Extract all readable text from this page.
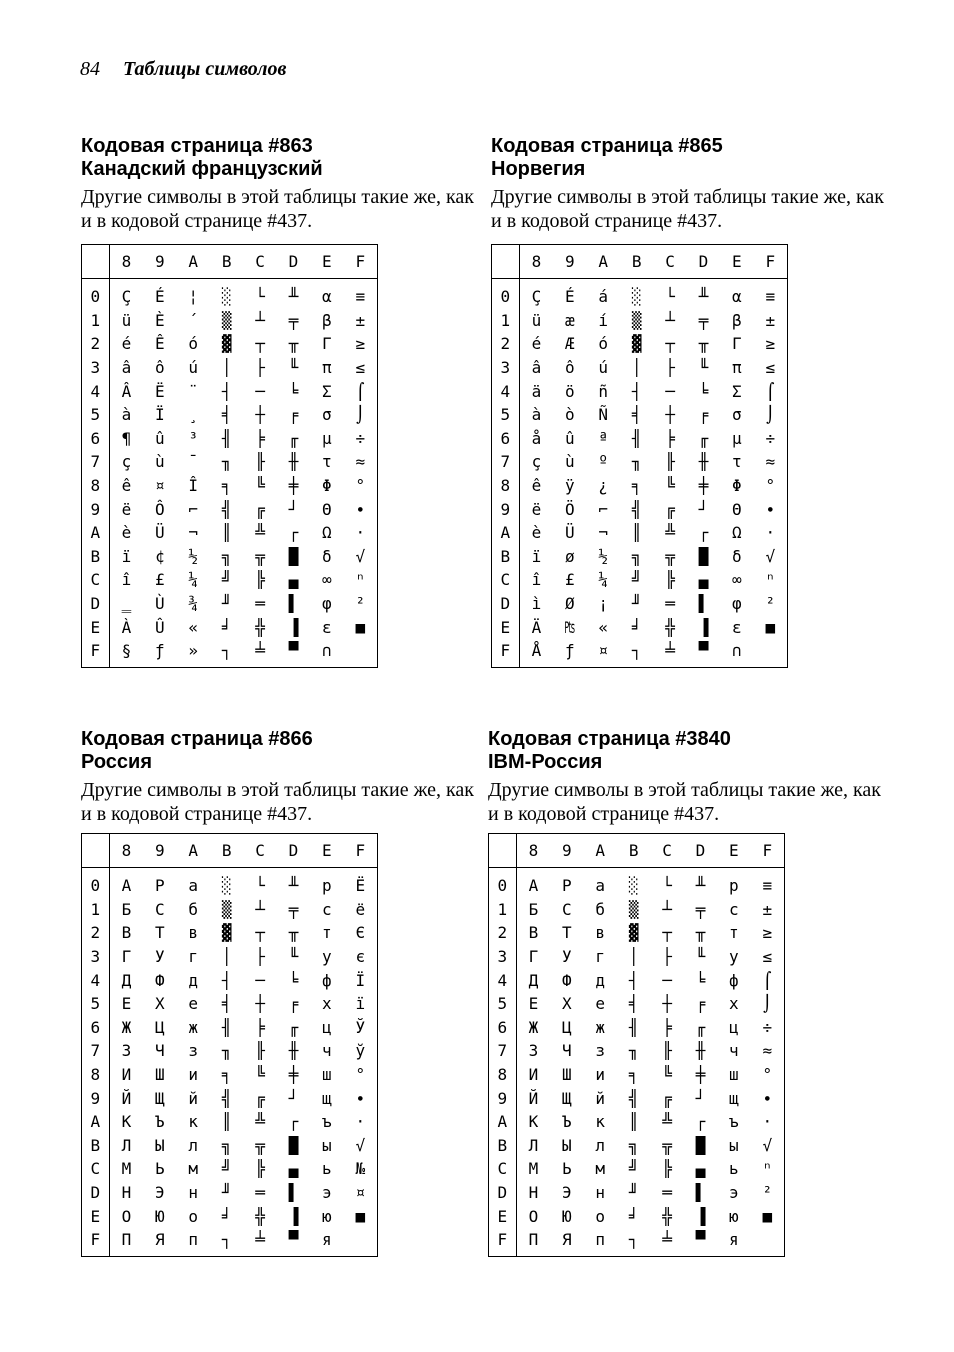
84 Таблицы символов

Кодовая страница #863

Канадский французский

Другие символы в этой таблицы такие же, как и в кодовой странице #437.

	8	9	A	B	C	D	E	F
0	Ç	É	¦	░	└	╨	α	≡
1	ü	È	´	▒	┴	╤	β	±
2	é	Ê	ó	▓	┬	╥	Γ	≥
3	â	ô	ú	│	├	╙	π	≤
4	Â	Ë	¨	┤	─	╘	Σ	⌠
5	à	Ï	¸	╡	┼	╒	σ	⌡
6	¶	û	³	╢	╞	╓	µ	÷
7	ç	ù	¯	╖	╟	╫	τ	≈
8	ê	¤	Î	╕	╚	╪	Φ	°
9	ë	Ô	⌐	╣	╔	┘	Θ	∙
A	è	Ü	¬	║	╩	┌	Ω	·
B	ï	¢	½	╗	╦	█	δ	√
C	î	£	¼	╝	╠	▄	∞	ⁿ
D	‗	Ù	¾	╜	═	▌	φ	²
E	À	Û	«	╛	╬	▐	ε	■
F	§	ƒ	»	┐	╧	▀	∩	

Кодовая страница #865

Норвегия

Другие символы в этой таблицы такие же, как и в кодовой странице #437.

	8	9	A	B	C	D	E	F
0	Ç	É	á	░	└	╨	α	≡
1	ü	æ	í	▒	┴	╤	β	±
2	é	Æ	ó	▓	┬	╥	Γ	≥
3	â	ô	ú	│	├	╙	π	≤
4	ä	ö	ñ	┤	─	╘	Σ	⌠
5	à	ò	Ñ	╡	┼	╒	σ	⌡
6	å	û	ª	╢	╞	╓	µ	÷
7	ç	ù	º	╖	╟	╫	τ	≈
8	ê	ÿ	¿	╕	╚	╪	Φ	°
9	ë	Ö	⌐	╣	╔	┘	Θ	∙
A	è	Ü	¬	║	╩	┌	Ω	·
B	ï	ø	½	╗	╦	█	δ	√
C	î	£	¼	╝	╠	▄	∞	ⁿ
D	ì	Ø	¡	╜	═	▌	φ	²
E	Ä	₧	«	╛	╬	▐	ε	■
F	Å	ƒ	¤	┐	╧	▀	∩	

Кодовая страница #866

Россия

Другие символы в этой таблицы такие же, как и в кодовой странице #437.

	8	9	A	B	C	D	E	F
0	А	Р	а	░	└	╨	р	Ё
1	Б	С	б	▒	┴	╤	с	ё
2	В	Т	в	▓	┬	╥	т	Є
3	Г	У	г	│	├	╙	у	є
4	Д	Ф	д	┤	─	╘	ф	Ї
5	Е	Х	е	╡	┼	╒	х	ї
6	Ж	Ц	ж	╢	╞	╓	ц	Ў
7	З	Ч	з	╖	╟	╫	ч	ў
8	И	Ш	и	╕	╚	╪	ш	°
9	Й	Щ	й	╣	╔	┘	щ	∙
A	К	Ъ	к	║	╩	┌	ъ	·
B	Л	Ы	л	╗	╦	█	ы	√
C	М	Ь	м	╝	╠	▄	ь	№
D	Н	Э	н	╜	═	▌	э	¤
E	О	Ю	о	╛	╬	▐	ю	■
F	П	Я	п	┐	╧	▀	я	

Кодовая страница #3840

IBM-Россия

Другие символы в этой таблицы такие же, как и в кодовой странице #437.

	8	9	A	B	C	D	E	F
0	А	Р	а	░	└	╨	р	≡
1	Б	С	б	▒	┴	╤	с	±
2	В	Т	в	▓	┬	╥	т	≥
3	Г	У	г	│	├	╙	у	≤
4	Д	Ф	д	┤	─	╘	ф	⌠
5	Е	Х	е	╡	┼	╒	х	⌡
6	Ж	Ц	ж	╢	╞	╓	ц	÷
7	З	Ч	з	╖	╟	╫	ч	≈
8	И	Ш	и	╕	╚	╪	ш	°
9	Й	Щ	й	╣	╔	┘	щ	∙
A	К	Ъ	к	║	╩	┌	ъ	·
B	Л	Ы	л	╗	╦	█	ы	√
C	М	Ь	м	╝	╠	▄	ь	ⁿ
D	Н	Э	н	╜	═	▌	э	²
E	О	Ю	о	╛	╬	▐	ю	■
F	П	Я	п	┐	╧	▀	я	
